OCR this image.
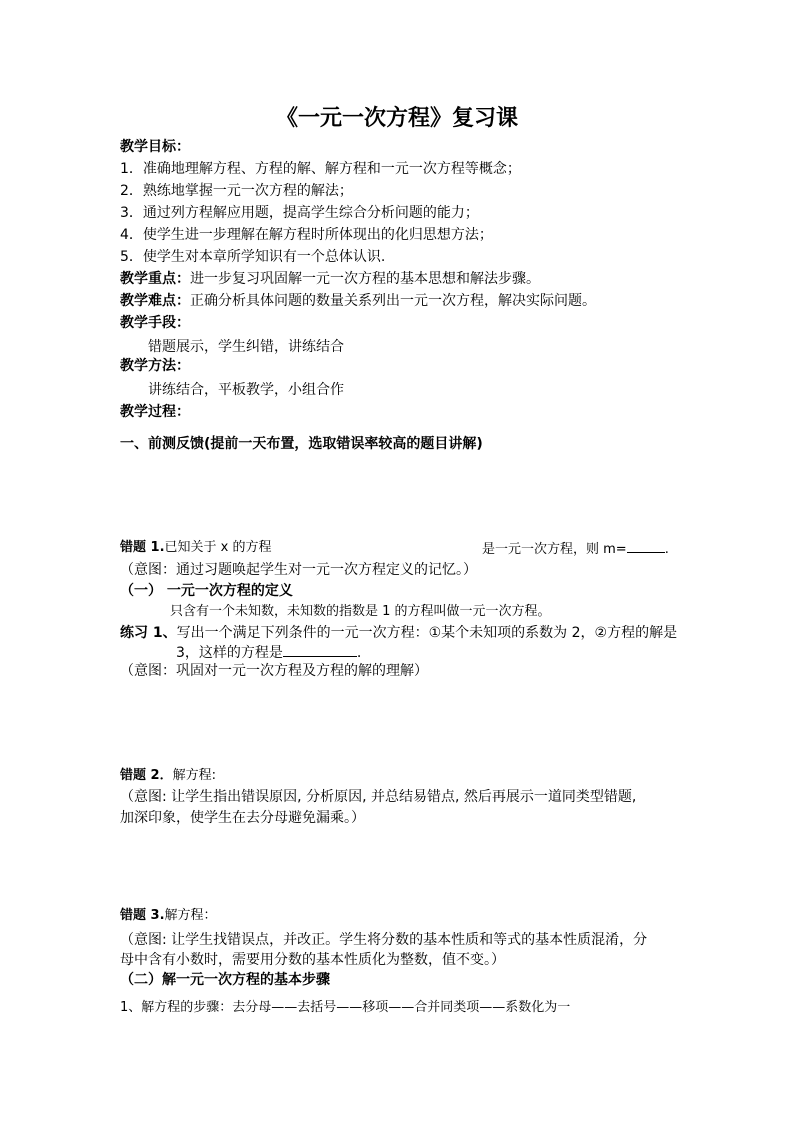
《一元一次方程》复习课
教学目标：
1．准确地理解方程、方程的解、解方程和一元一次方程等概念；
2．熟练地掌握一元一次方程的解法；
3．通过列方程解应用题，提高学生综合分析问题的能力；
4．使学生进一步理解在解方程时所体现出的化归思想方法；
5．使学生对本章所学知识有一个总体认识.
教学重点：进一步复习巩固解一元一次方程的基本思想和解法步骤。
教学难点：正确分析具体问题的数量关系列出一元一次方程，解决实际问题。
教学手段：
错题展示，学生纠错，讲练结合
教学方法：
讲练结合，平板教学，小组合作
教学过程：
一、前测反馈(提前一天布置，选取错误率较高的题目讲解)
错题 1.已知关于 x 的方程	是一元一次方程，则 m=	.
（意图：通过习题唤起学生对一元一次方程定义的记忆。）
（一） 一元一次方程的定义
只含有一个未知数，未知数的指数是 1 的方程叫做一元一次方程。
练习 1、写出一个满足下列条件的一元一次方程：①某个未知项的系数为 2，②方程的解是
3，这样的方程是	.
（意图：巩固对一元一次方程及方程的解的理解）
错题 2．解方程:
（意图: 让学生指出错误原因, 分析原因, 并总结易错点, 然后再展示一道同类型错题,
加深印象，使学生在去分母避免漏乘。）
错题 3.解方程：
（意图: 让学生找错误点，并改正。学生将分数的基本性质和等式的基本性质混淆，分
母中含有小数时，需要用分数的基本性质化为整数，值不变。）
（二）解一元一次方程的基本步骤
1、解方程的步骤：去分母——去括号——移项——合并同类项——系数化为一
